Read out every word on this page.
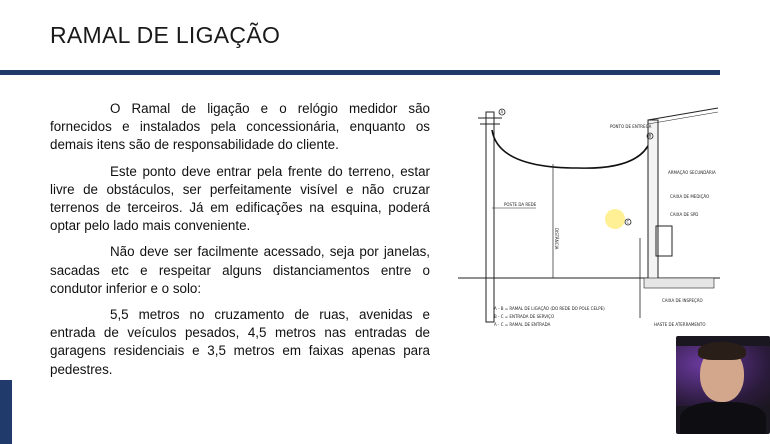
RAMAL DE LIGAÇÃO

O Ramal de ligação e o relógio medidor são fornecidos e instalados pela concessionária, enquanto os demais itens são de responsabilidade do cliente.

Este ponto deve entrar pela frente do terreno, estar livre de obstáculos, ser perfeitamente visível e não cruzar terrenos de terceiros. Já em edificações na esquina, poderá optar pelo lado mais conveniente.

Não deve ser facilmente acessado, seja por janelas, sacadas etc e respeitar alguns distanciamentos entre o condutor inferior e o solo:

5,5 metros no cruzamento de ruas, avenidas e entrada de veículos pesados, 4,5 metros nas entradas de garagens residenciais e 3,5 metros em faixas apenas para pedestres.

A
DISTÂNCIA
POSTE DA REDE
B
PONTO DE ENTREGA
ARMAÇÃO SECUNDÁRIA
CAIXA DE MEDIÇÃO
CAIXA DE SPD
C
CAIXA DE INSPEÇÃO
HASTE DE ATERRAMENTO
A - B = RAMAL DE LIGAÇÃO (DO REDE DO POLE CELPE)
B - C = ENTRADA DE SERVIÇO
A - C = RAMAL DE ENTRADA
